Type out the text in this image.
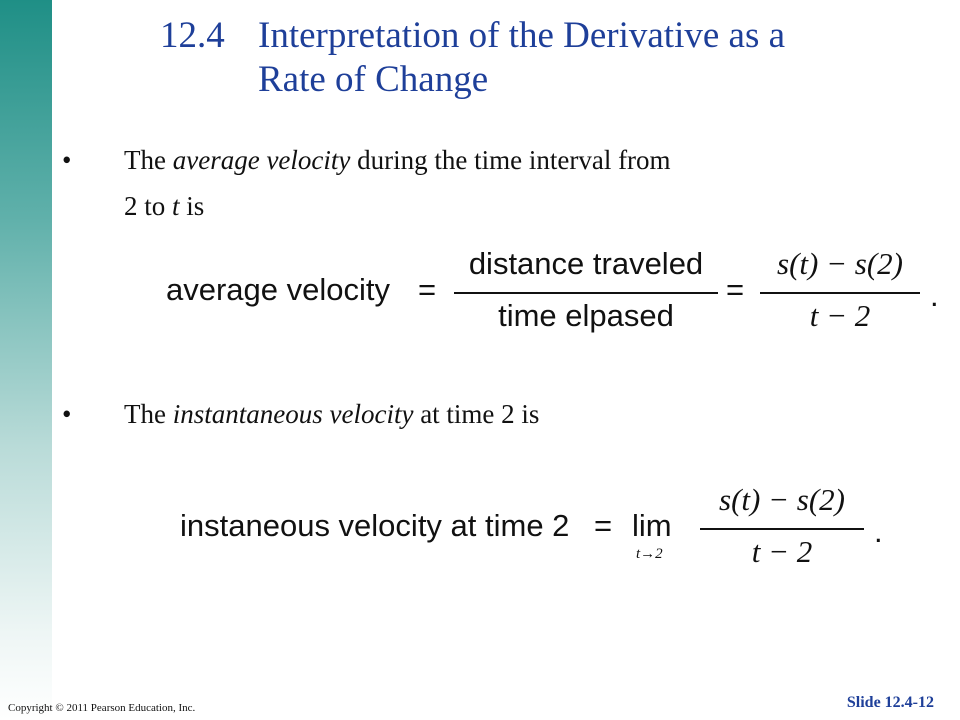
12.4 Interpretation of the Derivative as a
Rate of Change
• The average velocity during the time interval from
2 to t is
average velocity =
distance traveled
time elpased
=
s(t) − s(2)
t − 2
.
• The instantaneous velocity at time 2 is
instaneous velocity at time 2 = lim
t→2
s(t) − s(2)
t − 2
.
Copyright © 2011 Pearson Education, Inc.	Slide 12.4-12
